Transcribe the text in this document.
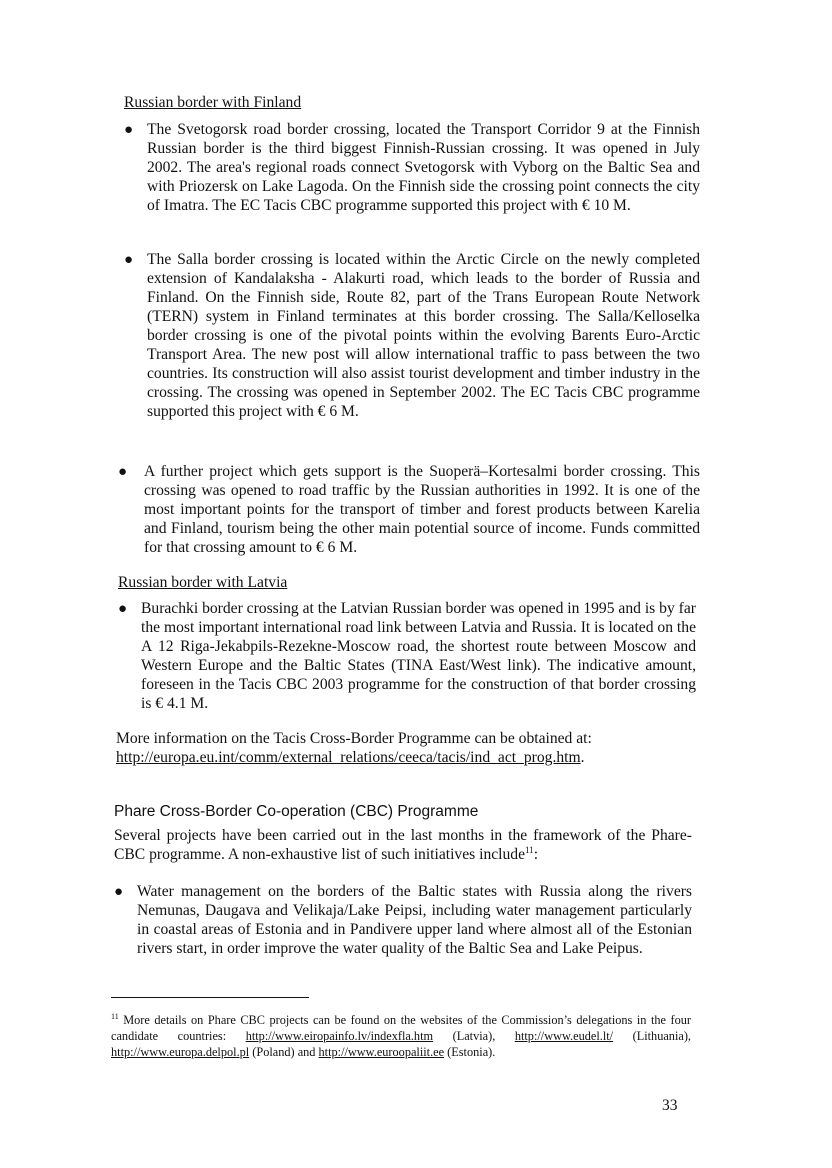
Russian border with Finland
● The Svetogorsk road border crossing, located the Transport Corridor 9 at the Finnish Russian border is the third biggest Finnish-Russian crossing. It was opened in July 2002. The area's regional roads connect Svetogorsk with Vyborg on the Baltic Sea and with Priozersk on Lake Lagoda. On the Finnish side the crossing point connects the city of Imatra. The EC Tacis CBC programme supported this project with € 10 M.
● The Salla border crossing is located within the Arctic Circle on the newly completed extension of Kandalaksha - Alakurti road, which leads to the border of Russia and Finland. On the Finnish side, Route 82, part of the Trans European Route Network (TERN) system in Finland terminates at this border crossing. The Salla/Kelloselka border crossing is one of the pivotal points within the evolving Barents Euro-Arctic Transport Area. The new post will allow international traffic to pass between the two countries. Its construction will also assist tourist development and timber industry in the crossing. The crossing was opened in September 2002. The EC Tacis CBC programme supported this project with € 6 M.
● A further project which gets support is the Suoperä–Kortesalmi border crossing. This crossing was opened to road traffic by the Russian authorities in 1992. It is one of the most important points for the transport of timber and forest products between Karelia and Finland, tourism being the other main potential source of income. Funds committed for that crossing amount to € 6 M.
Russian border with Latvia
● Burachki border crossing at the Latvian Russian border was opened in 1995 and is by far the most important international road link between Latvia and Russia. It is located on the A 12 Riga-Jekabpils-Rezekne-Moscow road, the shortest route between Moscow and Western Europe and the Baltic States (TINA East/West link). The indicative amount, foreseen in the Tacis CBC 2003 programme for the construction of that border crossing is € 4.1 M.
More information on the Tacis Cross-Border Programme can be obtained at:
http://europa.eu.int/comm/external_relations/ceeca/tacis/ind_act_prog.htm.
Phare Cross-Border Co-operation (CBC) Programme
Several projects have been carried out in the last months in the framework of the Phare-CBC programme. A non-exhaustive list of such initiatives include$^{11}$:
● Water management on the borders of the Baltic states with Russia along the rivers Nemunas, Daugava and Velikaja/Lake Peipsi, including water management particularly in coastal areas of Estonia and in Pandivere upper land where almost all of the Estonian rivers start, in order improve the water quality of the Baltic Sea and Lake Peipus.
$^{11}$ More details on Phare CBC projects can be found on the websites of the Commission’s delegations in the four candidate countries: http://www.eiropainfo.lv/indexfla.htm (Latvia), http://www.eudel.lt/ (Lithuania), http://www.europa.delpol.pl (Poland) and http://www.euroopaliit.ee (Estonia).
33
